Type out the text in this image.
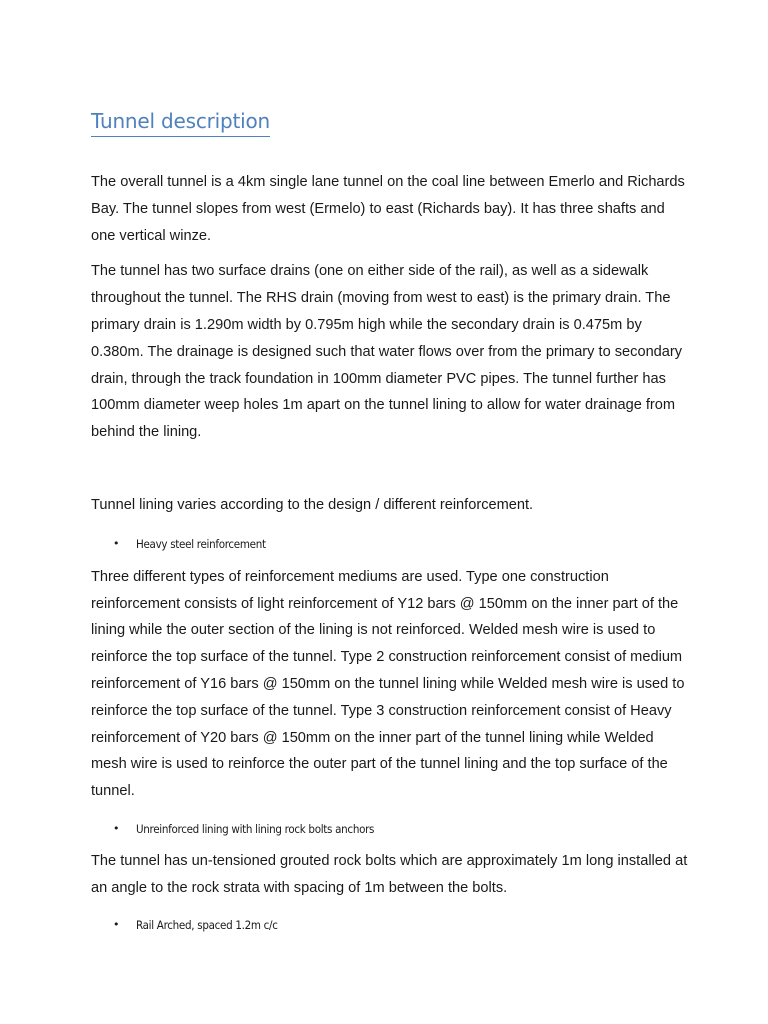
Tunnel description

The overall tunnel is a 4km single lane tunnel on the coal line between Emerlo and Richards Bay. The tunnel slopes from west (Ermelo) to east (Richards bay). It has three shafts and one vertical winze.

The tunnel has two surface drains (one on either side of the rail), as well as a sidewalk throughout the tunnel. The RHS drain (moving from west to east) is the primary drain. The primary drain is 1.290m width by 0.795m high while the secondary drain is 0.475m by 0.380m. The drainage is designed such that water flows over from the primary to secondary drain, through the track foundation in 100mm diameter PVC pipes. The tunnel further has 100mm diameter weep holes 1m apart on the tunnel lining to allow for water drainage from behind the lining.

Tunnel lining varies according to the design / different reinforcement.

• Heavy steel reinforcement

Three different types of reinforcement mediums are used. Type one construction reinforcement consists of light reinforcement of Y12 bars @ 150mm on the inner part of the lining while the outer section of the lining is not reinforced. Welded mesh wire is used to reinforce the top surface of the tunnel. Type 2 construction reinforcement consist of medium reinforcement of Y16 bars @ 150mm on the tunnel lining while Welded mesh wire is used to reinforce the top surface of the tunnel. Type 3 construction reinforcement consist of Heavy reinforcement of Y20 bars @ 150mm on the inner part of the tunnel lining while Welded mesh wire is used to reinforce the outer part of the tunnel lining and the top surface of the tunnel.

• Unreinforced lining with lining rock bolts anchors

The tunnel has un-tensioned grouted rock bolts which are approximately 1m long installed at an angle to the rock strata with spacing of 1m between the bolts.

• Rail Arched, spaced 1.2m c/c
